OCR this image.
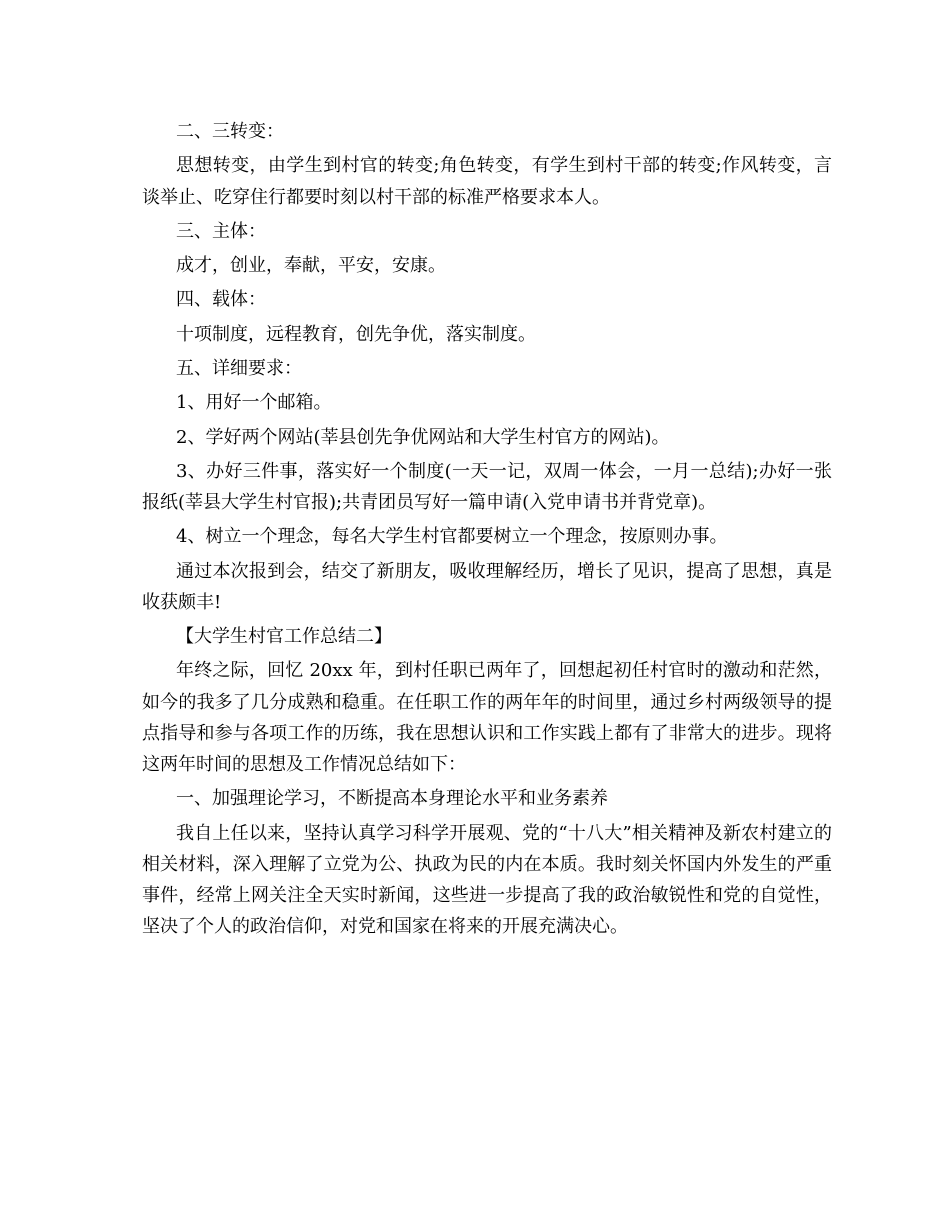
二、三转变：

思想转变，由学生到村官的转变;角色转变，有学生到村干部的转变;作风转变，言谈举止、吃穿住行都要时刻以村干部的标准严格要求本人。

三、主体：

成才，创业，奉献，平安，安康。

四、载体：

十项制度，远程教育，创先争优，落实制度。

五、详细要求：

1、用好一个邮箱。

2、学好两个网站(莘县创先争优网站和大学生村官方的网站)。

3、办好三件事，落实好一个制度(一天一记，双周一体会，一月一总结);办好一张报纸(莘县大学生村官报);共青团员写好一篇申请(入党申请书并背党章)。

4、树立一个理念，每名大学生村官都要树立一个理念，按原则办事。

通过本次报到会，结交了新朋友，吸收理解经历，增长了见识，提高了思想，真是收获颇丰!

【大学生村官工作总结二】

年终之际，回忆 20xx 年，到村任职已两年了，回想起初任村官时的激动和茫然，如今的我多了几分成熟和稳重。在任职工作的两年年的时间里，通过乡村两级领导的提点指导和参与各项工作的历练，我在思想认识和工作实践上都有了非常大的进步。现将这两年时间的思想及工作情况总结如下：

一、加强理论学习，不断提高本身理论水平和业务素养

我自上任以来，坚持认真学习科学开展观、党的“十八大”相关精神及新农村建立的相关材料，深入理解了立党为公、执政为民的内在本质。我时刻关怀国内外发生的严重事件，经常上网关注全天实时新闻，这些进一步提高了我的政治敏锐性和党的自觉性，坚决了个人的政治信仰，对党和国家在将来的开展充满决心。
